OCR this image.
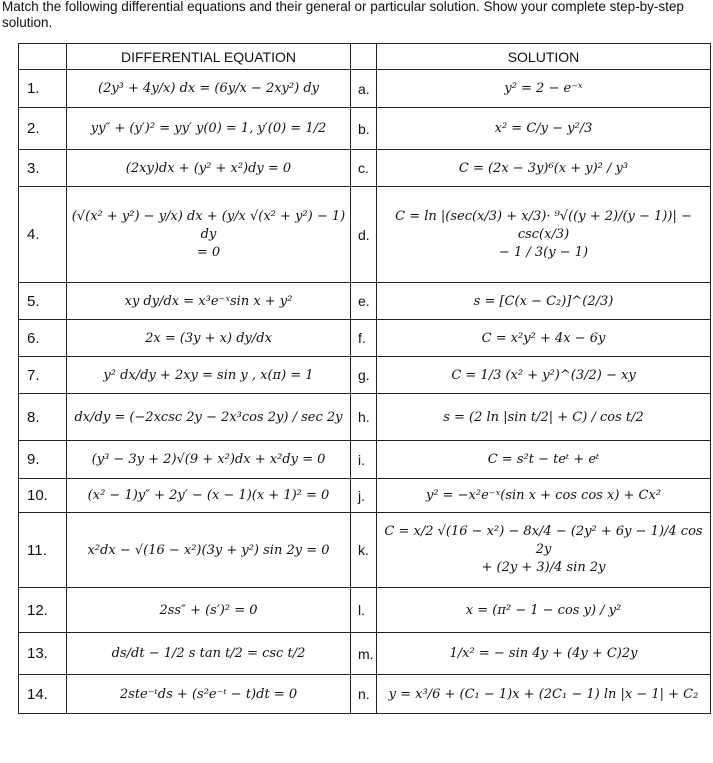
Match the following differential equations and their general or particular solution. Show your complete step-by-step solution.
	DIFFERENTIAL EQUATION		SOLUTION
1.	(2y³ + 4y/x) dx = (6y/x − 2xy²) dy	a.	y² = 2 − e⁻ˣ
2.	yy″ + (y′)² = yy′ y(0) = 1, y′(0) = 1/2	b.	x² = C/y − y²/3
3.	(2xy)dx + (y² + x²)dy = 0	c.	C = (2x − 3y)⁶(x + y)² / y³
4.	(√(x² + y²) − y/x) dx + (y/x √(x² + y²) − 1) dy
= 0	d.	C = ln |(sec(x/3) + x/3)· ⁹√((y + 2)/(y − 1))| − csc(x/3)
− 1 / 3(y − 1)
5.	xy dy/dx = x³e⁻ˣsin x + y²	e.	s = [C(x − C₂)]^(2/3)
6.	2x = (3y + x) dy/dx	f.	C = x²y² + 4x − 6y
7.	y² dx/dy + 2xy = sin y , x(π) = 1	g.	C = 1/3 (x² + y²)^(3/2) − xy
8.	dx/dy = (−2xcsc 2y − 2x³cos 2y) / sec 2y	h.	s = (2 ln |sin t/2| + C) / cos t/2
9.	(y³ − 3y + 2)√(9 + x²)dx + x²dy = 0	i.	C = s²t − teᵗ + eᵗ
10.	(x² − 1)y″ + 2y′ − (x − 1)(x + 1)² = 0	j.	y² = −x²e⁻ˣ(sin x + cos cos x) + Cx²
11.	x²dx − √(16 − x²)(3y + y²) sin 2y = 0	k.	C = x/2 √(16 − x²) − 8x/4 − (2y² + 6y − 1)/4 cos 2y
+ (2y + 3)/4 sin 2y
12.	2ss″ + (s′)² = 0	l.	x = (π² − 1 − cos y) / y²
13.	ds/dt − 1/2 s tan t/2 = csc t/2	m.	1/x² = − sin 4y + (4y + C)2y
14.	2ste⁻ᵗds + (s²e⁻ᵗ − t)dt = 0	n.	y = x³/6 + (C₁ − 1)x + (2C₁ − 1) ln |x − 1| + C₂
